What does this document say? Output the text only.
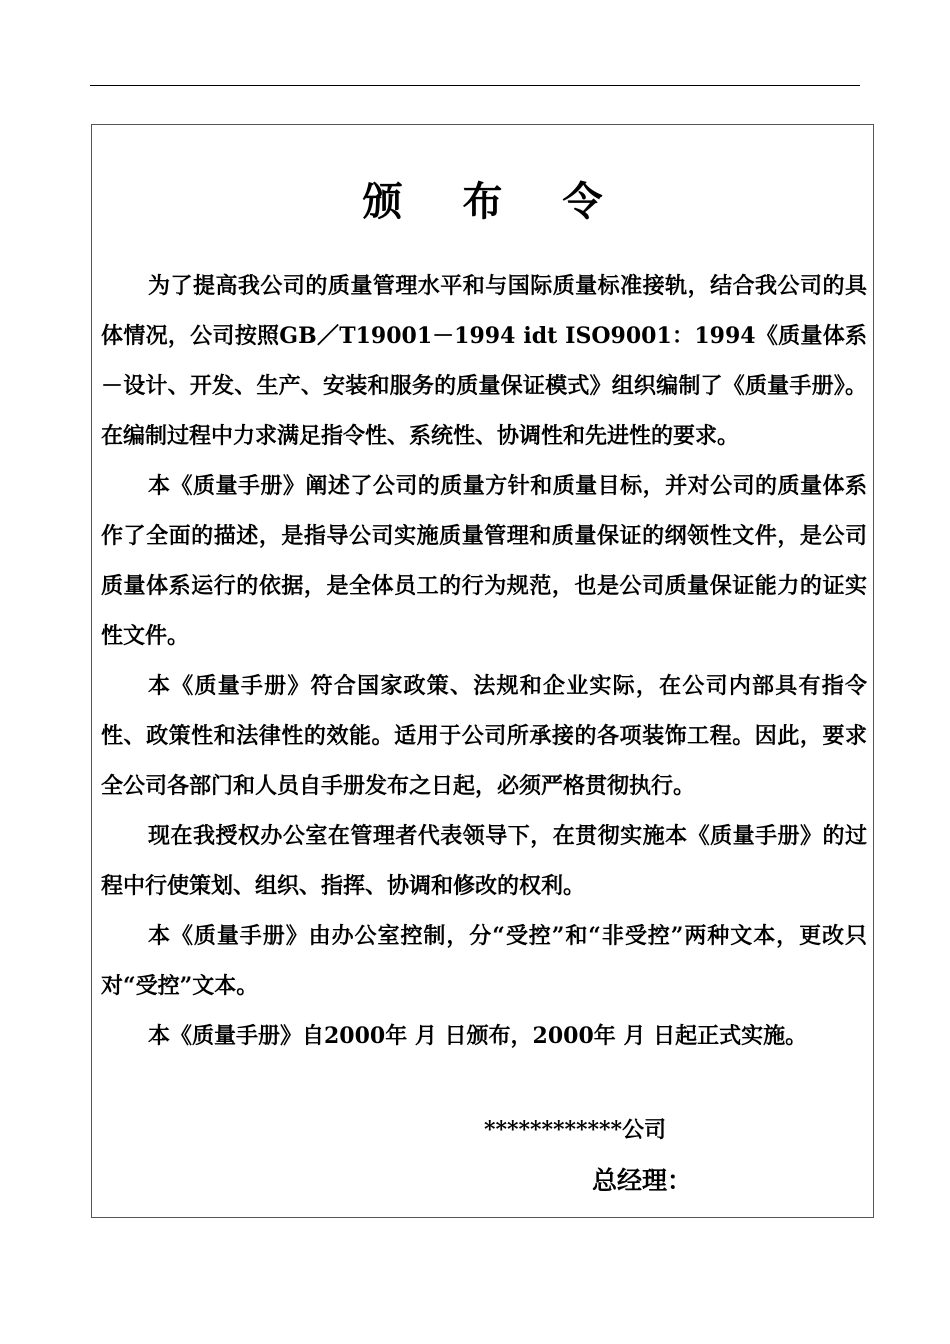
颁布令

为了提高我公司的质量管理水平和与国际质量标准接轨，结合我公司的具体情况，公司按照GB／T19001－1994 idt ISO9001：1994《质量体系－设计、开发、生产、安装和服务的质量保证模式》组织编制了《质量手册》。在编制过程中力求满足指令性、系统性、协调性和先进性的要求。

本《质量手册》阐述了公司的质量方针和质量目标，并对公司的质量体系作了全面的描述，是指导公司实施质量管理和质量保证的纲领性文件，是公司质量体系运行的依据，是全体员工的行为规范，也是公司质量保证能力的证实性文件。

本《质量手册》符合国家政策、法规和企业实际，在公司内部具有指令性、政策性和法律性的效能。适用于公司所承接的各项装饰工程。因此，要求全公司各部门和人员自手册发布之日起，必须严格贯彻执行。

现在我授权办公室在管理者代表领导下，在贯彻实施本《质量手册》的过程中行使策划、组织、指挥、协调和修改的权利。

本《质量手册》由办公室控制，分“受控”和“非受控”两种文本，更改只对“受控”文本。

本《质量手册》自2000年 月 日颁布，2000年 月 日起正式实施。

************公司
总经理：
